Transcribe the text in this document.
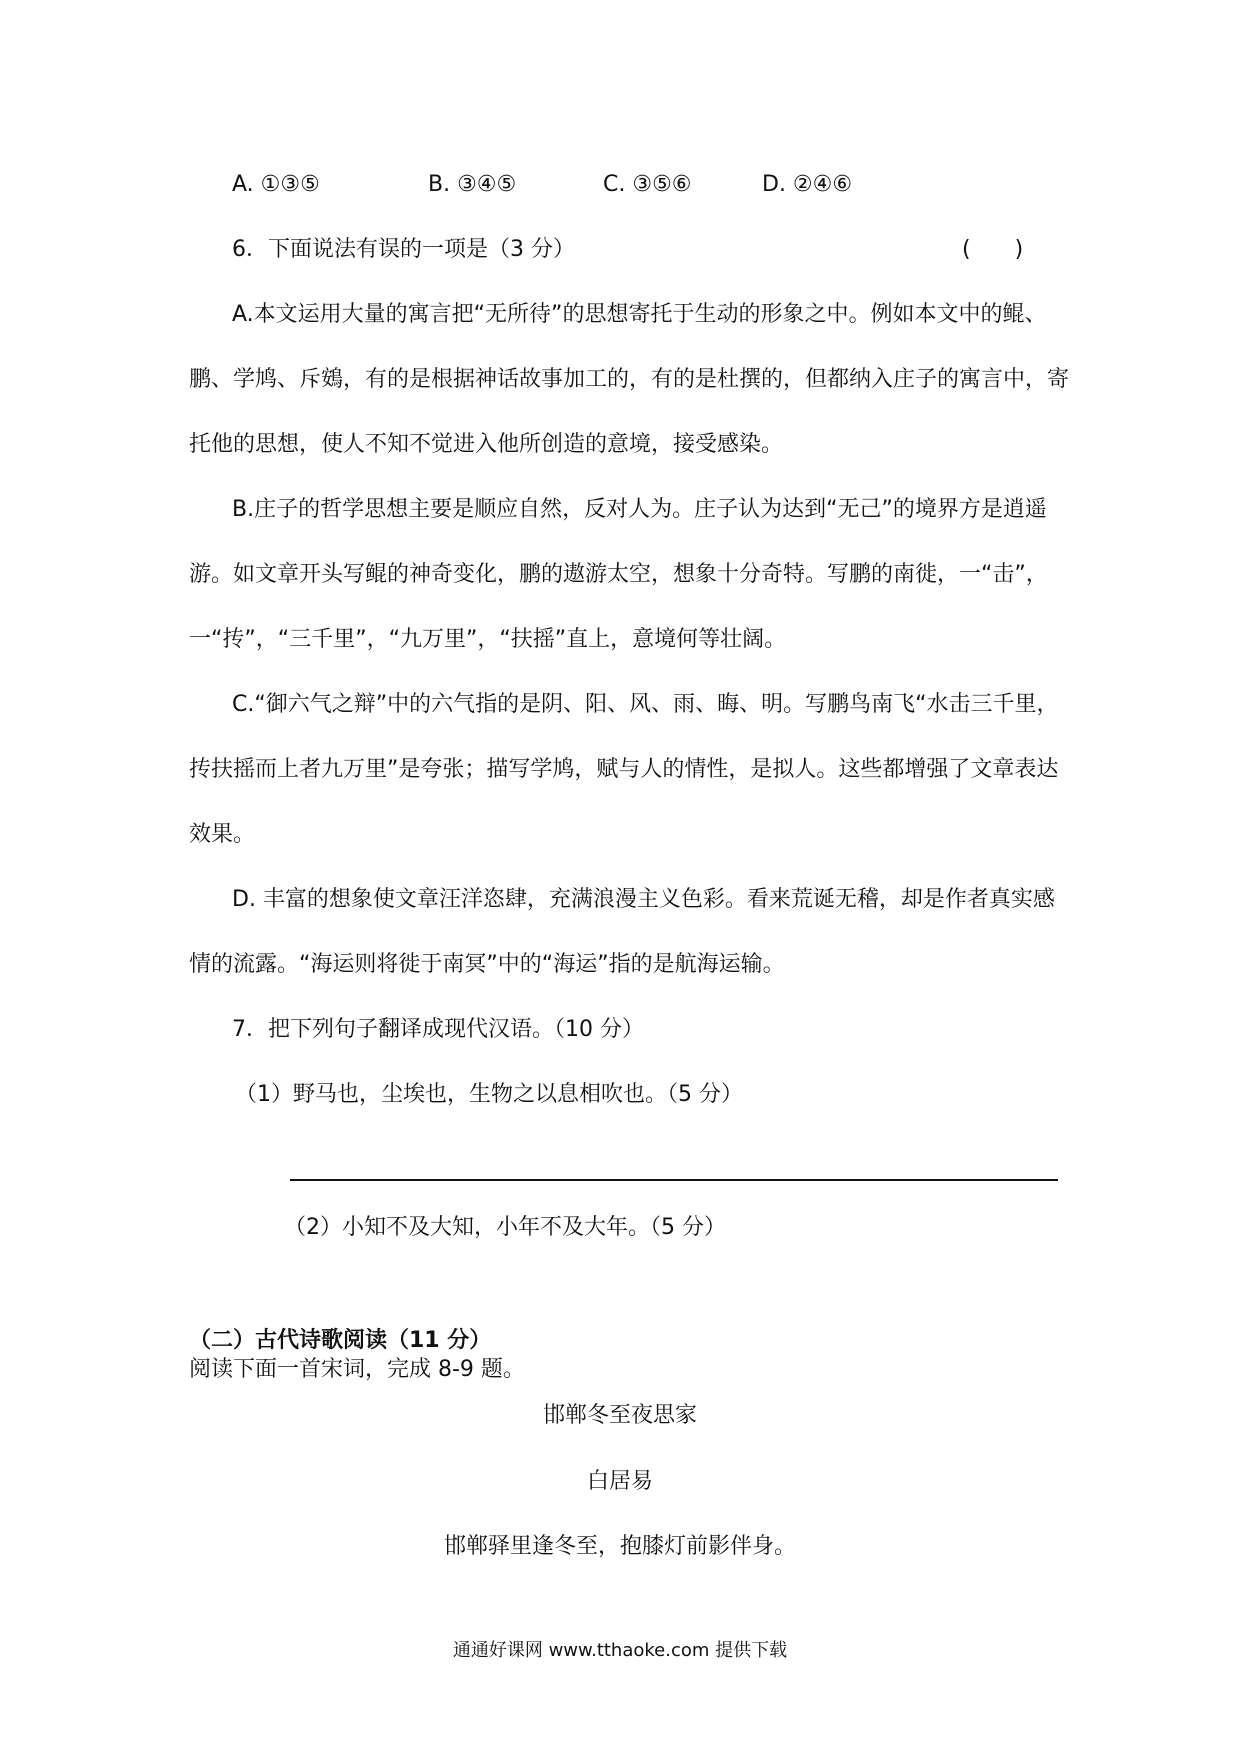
A. ①③⑤	B. ③④⑤	C. ③⑤⑥	D. ②④⑥
6．下面说法有误的一项是（3 分）	(　　)
A.本文运用大量的寓言把“无所待”的思想寄托于生动的形象之中。例如本文中的鲲、
鹏、学鸠、斥鴳，有的是根据神话故事加工的，有的是杜撰的，但都纳入庄子的寓言中，寄
托他的思想，使人不知不觉进入他所创造的意境，接受感染。
B.庄子的哲学思想主要是顺应自然，反对人为。庄子认为达到“无己”的境界方是逍遥
游。如文章开头写鲲的神奇变化，鹏的遨游太空，想象十分奇特。写鹏的南徙，一“击”，
一“抟”，“三千里”，“九万里”，“扶摇”直上，意境何等壮阔。
C.“御六气之辩”中的六气指的是阴、阳、风、雨、晦、明。写鹏鸟南飞“水击三千里，
抟扶摇而上者九万里”是夸张；描写学鸠，赋与人的情性，是拟人。这些都增强了文章表达
效果。
D. 丰富的想象使文章汪洋恣肆，充满浪漫主义色彩。看来荒诞无稽，却是作者真实感
情的流露。“海运则将徙于南冥”中的“海运”指的是航海运输。
7．把下列句子翻译成现代汉语。（10 分）
（1）野马也，尘埃也，生物之以息相吹也。（5 分）
（2）小知不及大知，小年不及大年。（5 分）
（二）古代诗歌阅读（11 分）
阅读下面一首宋词，完成 8-9 题。
邯郸冬至夜思家
白居易
邯郸驿里逢冬至，抱膝灯前影伴身。
通通好课网 www.tthaoke.com 提供下载
